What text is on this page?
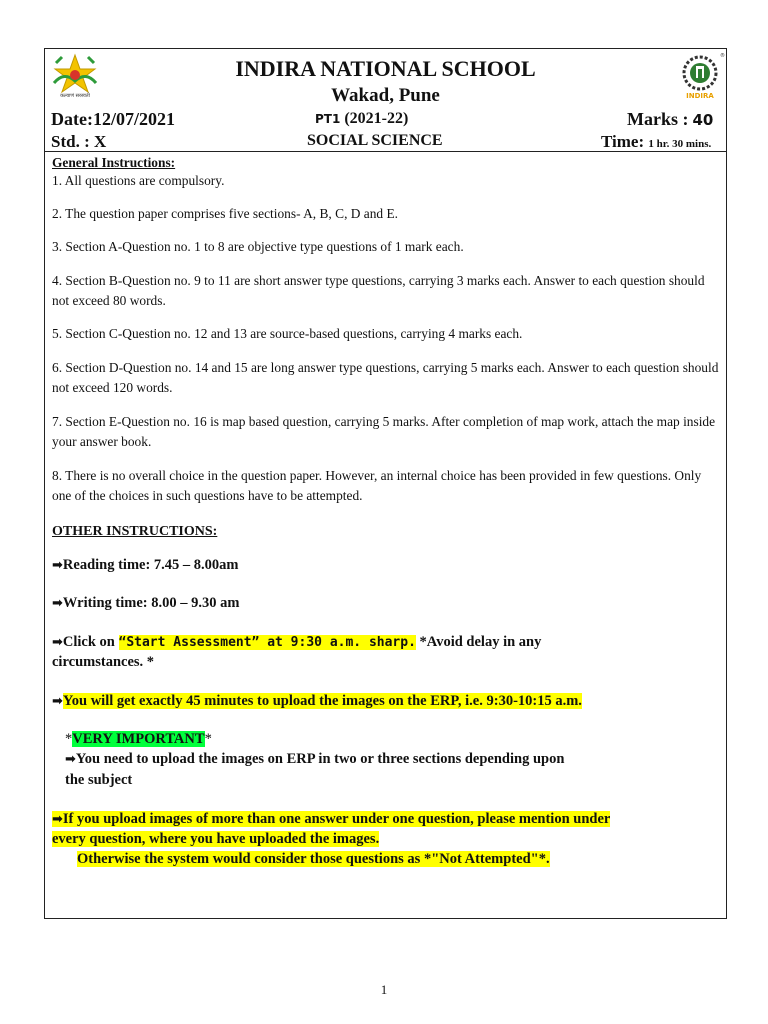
कल्याणं सरस्वती	INDIRA
®
INDIRA NATIONAL SCHOOL
Wakad, Pune
Date:12/07/2021	PT1 (2021-22)	Marks : 40
Std. : X	SOCIAL SCIENCE	Time: 1 hr. 30 mins.
General Instructions:
1. All questions are compulsory.
2. The question paper comprises five sections- A, B, C, D and E.
3. Section A-Question no. 1 to 8 are objective type questions of 1 mark each.
4. Section B-Question no. 9 to 11 are short answer type questions, carrying 3 marks each. Answer to each question should not exceed 80 words.
5. Section C-Question no. 12 and 13 are source-based questions, carrying 4 marks each.
6. Section D-Question no. 14 and 15 are long answer type questions, carrying 5 marks each. Answer to each question should not exceed 120 words.
7. Section E-Question no. 16 is map based question, carrying 5 marks. After completion of map work, attach the map inside your answer book.
8. There is no overall choice in the question paper. However, an internal choice has been provided in few questions. Only one of the choices in such questions have to be attempted.
OTHER INSTRUCTIONS:
➡Reading time: 7.45 – 8.00am
➡Writing time: 8.00 – 9.30 am
➡Click on “Start Assessment” at 9:30 a.m. sharp. *Avoid delay in any
circumstances. *
➡You will get exactly 45 minutes to upload the images on the ERP, i.e. 9:30-10:15 a.m.
*VERY IMPORTANT*
➡You need to upload the images on ERP in two or three sections depending upon
the subject
➡If you upload images of more than one answer under one question, please mention under
every question, where you have uploaded the images.
Otherwise the system would consider those questions as *"Not Attempted"*.
1
